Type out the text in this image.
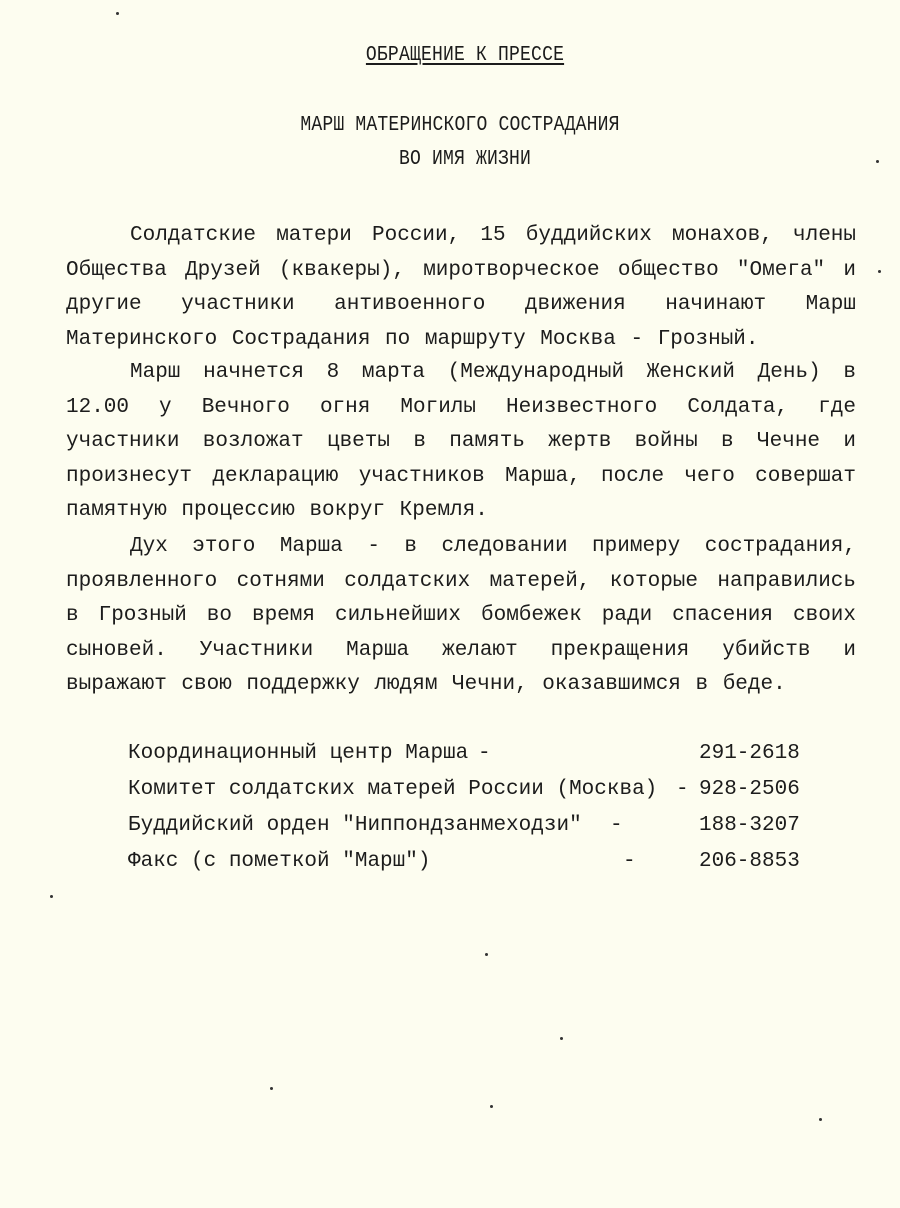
ОБРАЩЕНИЕ К ПРЕССЕ
МАРШ МАТЕРИНСКОГО СОСТРАДАНИЯ
ВО ИМЯ ЖИЗНИ

Солдатские матери России, 15 буддийских монахов, члены Общества Друзей (квакеры), миротворческое общество "Омега" и другие участники антивоенного движения начинают Марш Материнского Сострадания по маршруту Москва - Грозный.

Марш начнется 8 марта (Международный Женский День) в 12.00 у Вечного огня Могилы Неизвестного Солдата, где участники возложат цветы в память жертв войны в Чечне и произнесут декларацию участников Марша, после чего совершат памятную процессию вокруг Кремля.

Дух этого Марша - в следовании примеру сострадания, проявленного сотнями солдатских матерей, которые направились в Грозный во время сильнейших бомбежек ради спасения своих сыновей. Участники Марша желают прекращения убийств и выражают свою поддержку людям Чечни, оказавшимся в беде.

Координационный центр Марша -	291-2618
Комитет солдатских матерей России (Москва) - 928-2506
Буддийский орден "Ниппондзанмеходзи" -	188-3207
Факс (с пометкой "Марш")	-	206-8853
